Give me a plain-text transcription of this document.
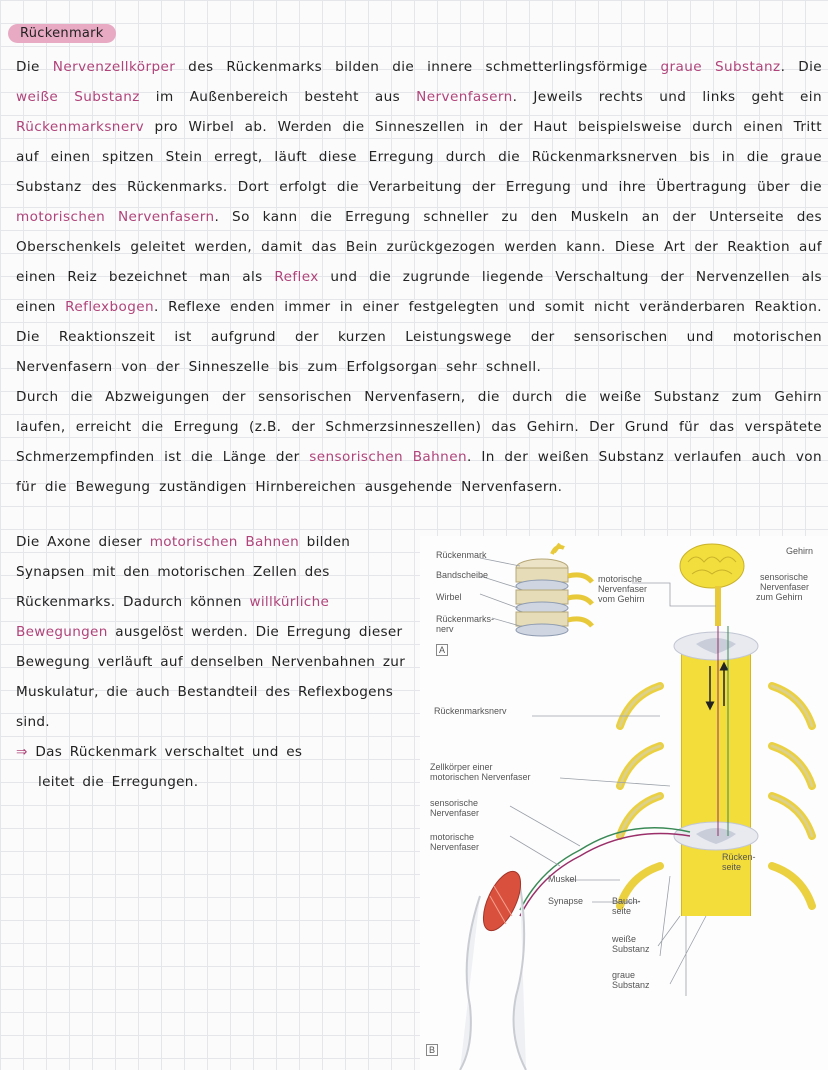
Rückenmark

Die Nervenzellkörper des Rückenmarks bilden die innere schmetterlingsförmige graue Substanz. Die weiße Substanz im Außenbereich besteht aus Nervenfasern. Jeweils rechts und links geht ein Rückenmarksnerv pro Wirbel ab. Werden die Sinneszellen in der Haut beispielsweise durch einen Tritt auf einen spitzen Stein erregt, läuft diese Erregung durch die Rückenmarksnerven bis in die graue Substanz des Rückenmarks. Dort erfolgt die Verarbeitung der Erregung und ihre Übertragung über die motorischen Nervenfasern. So kann die Erregung schneller zu den Muskeln an der Unterseite des Oberschenkels geleitet werden, damit das Bein zurückgezogen werden kann. Diese Art der Reaktion auf einen Reiz bezeichnet man als Reflex und die zugrunde liegende Verschaltung der Nervenzellen als einen Reflexbogen. Reflexe enden immer in einer festgelegten und somit nicht veränderbaren Reaktion. Die Reaktionszeit ist aufgrund der kurzen Leistungswege der sensorischen und motorischen Nervenfasern von der Sinneszelle bis zum Erfolgsorgan sehr schnell.

Durch die Abzweigungen der sensorischen Nervenfasern, die durch die weiße Substanz zum Gehirn laufen, erreicht die Erregung (z.B. der Schmerzsinneszellen) das Gehirn. Der Grund für das verspätete Schmerzempfinden ist die Länge der sensorischen Bahnen. In der weißen Substanz verlaufen auch von für die Bewegung zuständigen Hirnbereichen ausgehende Nervenfasern.

Die Axone dieser motorischen Bahnen bilden Synapsen mit den motorischen Zellen des Rückenmarks. Dadurch können willkürliche Bewegungen ausgelöst werden. Die Erregung dieser Bewegung verläuft auf denselben Nervenbahnen zur Muskulatur, die auch Bestandteil des Reflexbogens sind.

⇒ Das Rückenmark verschaltet und es
leitet die Erregungen.

Rückenmark
Bandscheibe
Wirbel
Rückenmarks-
nerv
A
motorische
Nervenfaser
vom Gehirn
Gehirn
sensorische
Nervenfaser
zum Gehirn
Rückenmarksnerv
Zellkörper einer
motorischen Nervenfaser
sensorische
Nervenfaser
motorische
Nervenfaser
Muskel
Synapse	Bauch-
seite
weiße
Substanz
graue
Substanz
Rücken-
seite
B
